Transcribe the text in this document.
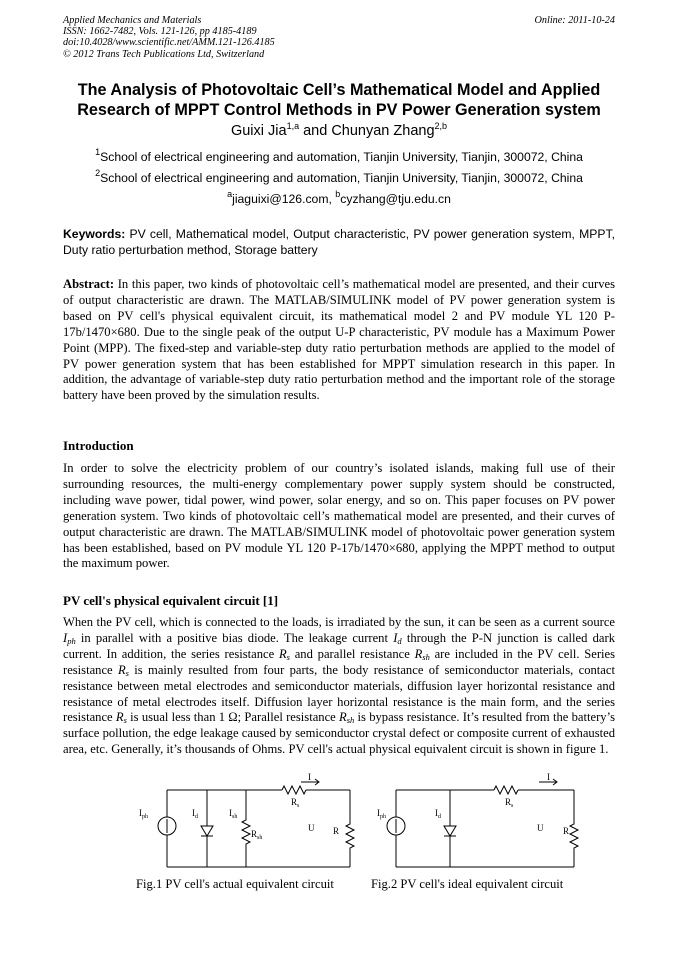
Applied Mechanics and Materials
ISSN: 1662-7482, Vols. 121-126, pp 4185-4189
doi:10.4028/www.scientific.net/AMM.121-126.4185
© 2012 Trans Tech Publications Ltd, Switzerland
Online: 2011-10-24
The Analysis of Photovoltaic Cell’s Mathematical Model and Applied
Research of MPPT Control Methods in PV Power Generation system
Guixi Jia$^{1,a}$ and Chunyan Zhang$^{2,b}$
$^1$School of electrical engineering and automation, Tianjin University, Tianjin, 300072, China
$^2$School of electrical engineering and automation, Tianjin University, Tianjin, 300072, China
$^a$jiaguixi@126.com, $^b$cyzhang@tju.edu.cn
Keywords: PV cell, Mathematical model, Output characteristic, PV power generation system, MPPT, Duty ratio perturbation method, Storage battery
Abstract: In this paper, two kinds of photovoltaic cell’s mathematical model are presented, and their curves of output characteristic are drawn. The MATLAB/SIMULINK model of PV power generation system is based on PV cell's physical equivalent circuit, its mathematical model 2 and PV module YL 120 P-17b/1470×680. Due to the single peak of the output U-P characteristic, PV module has a Maximum Power Point (MPP). The fixed-step and variable-step duty ratio perturbation methods are applied to the model of PV power generation system that has been established for MPPT simulation research in this paper. In addition, the advantage of variable-step duty ratio perturbation method and the important role of the storage battery have been proved by the simulation results.
Introduction
In order to solve the electricity problem of our country’s isolated islands, making full use of their surrounding resources, the multi-energy complementary power supply system should be constructed, including wave power, tidal power, wind power, solar energy, and so on. This paper focuses on PV power generation system. Two kinds of photovoltaic cell’s mathematical model are presented, and their curves of output characteristic are drawn. The MATLAB/SIMULINK model of photovoltaic power generation system has been established, based on PV module YL 120 P-17b/1470×680, applying the MPPT method to output the maximum power.
PV cell's physical equivalent circuit [1]
When the PV cell, which is connected to the loads, is irradiated by the sun, it can be seen as a current source $I_{ph}$ in parallel with a positive bias diode. The leakage current $I_d$ through the P-N junction is called dark current. In addition, the series resistance $R_s$ and parallel resistance $R_{sh}$ are included in the PV cell. Series resistance $R_s$ is mainly resulted from four parts, the body resistance of semiconductor materials, contact resistance between metal electrodes and semiconductor materials, diffusion layer horizontal resistance and resistance of metal electrodes itself. Diffusion layer horizontal resistance is the main form, and the series resistance $R_s$ is usual less than 1 Ω; Parallel resistance $R_{sh}$ is bypass resistance. It’s resulted from the battery’s surface pollution, the edge leakage caused by semiconductor crystal defect or composite current of exhausted area, etc. Generally, it’s thousands of Ohms. PV cell's actual physical equivalent circuit is shown in figure 1.
I
$I_{ph}$	$I_d$	$I_{sh}$
$R_{sh}$
$R_s$
U R
I
$I_{ph}$	$I_d$
$R_s$
U R
Fig.1 PV cell's actual equivalent circuit	Fig.2 PV cell's ideal equivalent circuit
